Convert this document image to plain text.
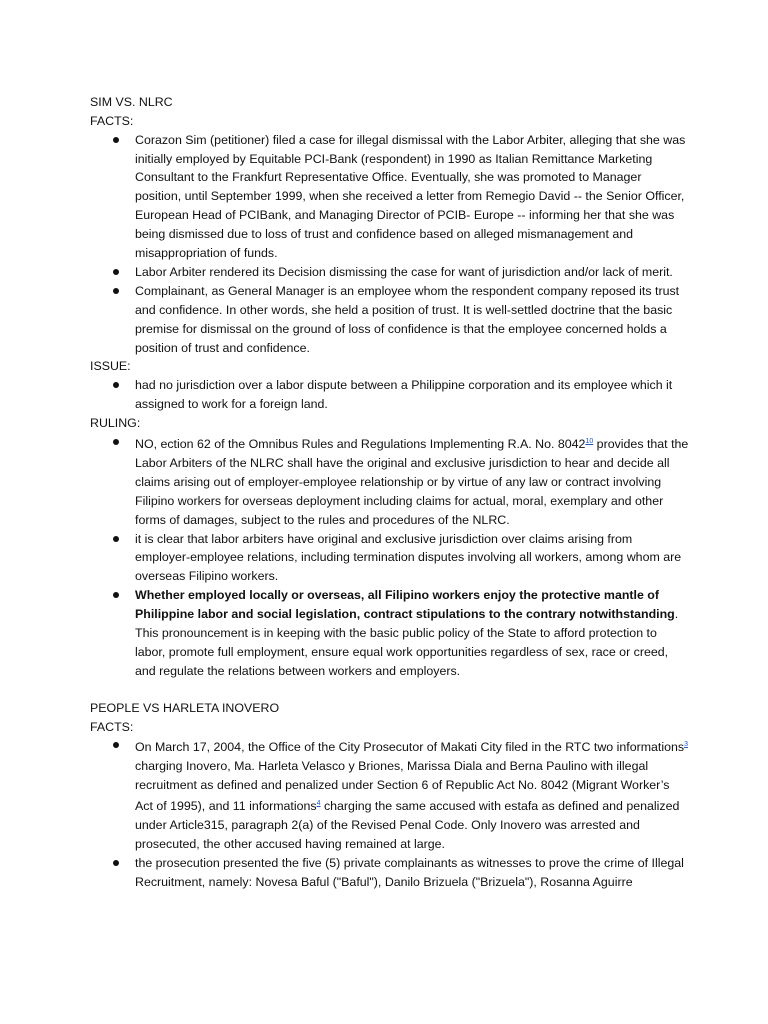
SIM VS. NLRC
FACTS:
Corazon Sim (petitioner) filed a case for illegal dismissal with the Labor Arbiter, alleging that she was initially employed by Equitable PCI-Bank (respondent) in 1990 as Italian Remittance Marketing Consultant to the Frankfurt Representative Office. Eventually, she was promoted to Manager position, until September 1999, when she received a letter from Remegio David -- the Senior Officer, European Head of PCIBank, and Managing Director of PCIB- Europe -- informing her that she was being dismissed due to loss of trust and confidence based on alleged mismanagement and misappropriation of funds.
Labor Arbiter rendered its Decision dismissing the case for want of jurisdiction and/or lack of merit.
Complainant, as General Manager is an employee whom the respondent company reposed its trust and confidence. In other words, she held a position of trust. It is well-settled doctrine that the basic premise for dismissal on the ground of loss of confidence is that the employee concerned holds a position of trust and confidence.
ISSUE:
had no jurisdiction over a labor dispute between a Philippine corporation and its employee which it assigned to work for a foreign land.
RULING:
NO, ection 62 of the Omnibus Rules and Regulations Implementing R.A. No. 8042$^{10}$ provides that the Labor Arbiters of the NLRC shall have the original and exclusive jurisdiction to hear and decide all claims arising out of employer-employee relationship or by virtue of any law or contract involving Filipino workers for overseas deployment including claims for actual, moral, exemplary and other forms of damages, subject to the rules and procedures of the NLRC.
it is clear that labor arbiters have original and exclusive jurisdiction over claims arising from employer-employee relations, including termination disputes involving all workers, among whom are overseas Filipino workers.
Whether employed locally or overseas, all Filipino workers enjoy the protective mantle of Philippine labor and social legislation, contract stipulations to the contrary notwithstanding. This pronouncement is in keeping with the basic public policy of the State to afford protection to labor, promote full employment, ensure equal work opportunities regardless of sex, race or creed, and regulate the relations between workers and employers.
PEOPLE VS HARLETA INOVERO
FACTS:
On March 17, 2004, the Office of the City Prosecutor of Makati City filed in the RTC two informations$^3$ charging Inovero, Ma. Harleta Velasco y Briones, Marissa Diala and Berna Paulino with illegal recruitment as defined and penalized under Section 6 of Republic Act No. 8042 (Migrant Worker’s Act of 1995), and 11 informations$^4$ charging the same accused with estafa as defined and penalized under Article315, paragraph 2(a) of the Revised Penal Code. Only Inovero was arrested and prosecuted, the other accused having remained at large.
the prosecution presented the five (5) private complainants as witnesses to prove the crime of Illegal Recruitment, namely: Novesa Baful ("Baful"), Danilo Brizuela ("Brizuela"), Rosanna Aguirre
